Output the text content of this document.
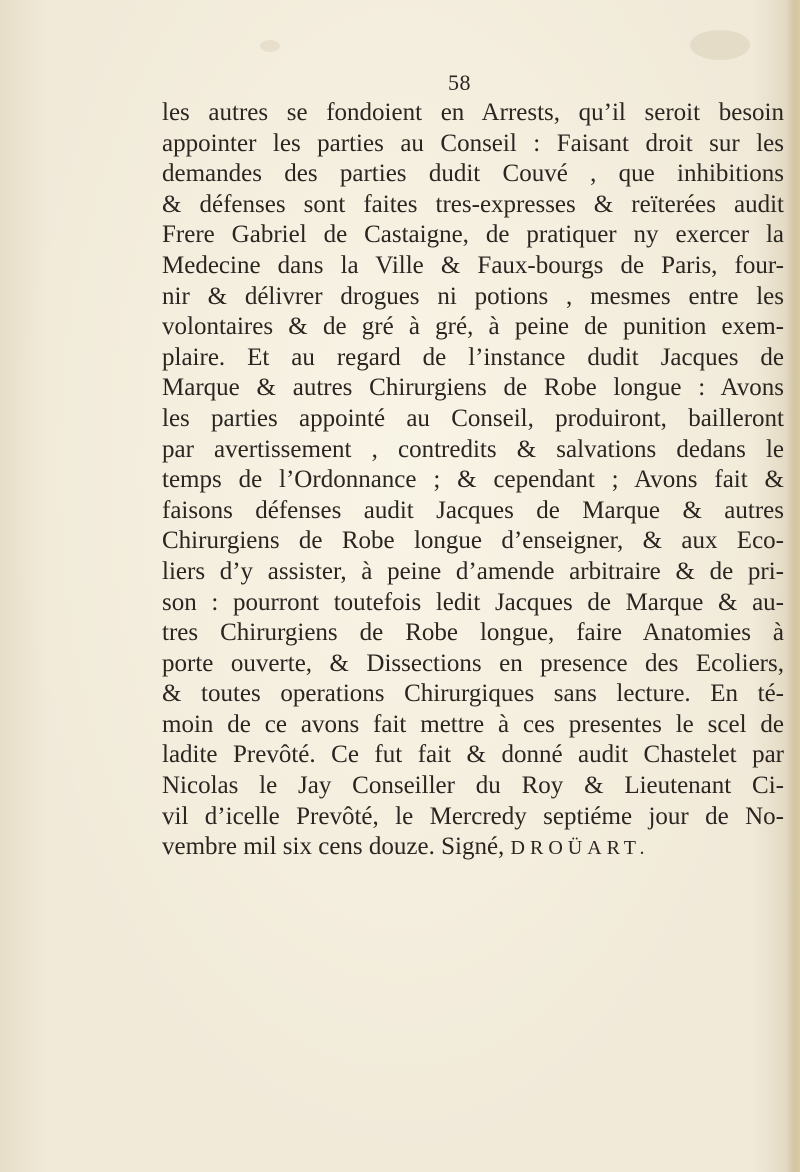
58
les autres se fondoient en Arrests, qu’il seroit besoin
appointer les parties au Conseil : Faisant droit sur les
demandes des parties dudit Couvé , que inhibitions
& défenses sont faites tres-expresses & reïterées audit
Frere Gabriel de Castaigne, de pratiquer ny exercer la
Medecine dans la Ville & Faux-bourgs de Paris, four-
nir & délivrer drogues ni potions , mesmes entre les
volontaires & de gré à gré, à peine de punition exem-
plaire. Et au regard de l’instance dudit Jacques de
Marque & autres Chirurgiens de Robe longue : Avons
les parties appointé au Conseil, produiront, bailleront
par avertissement , contredits & salvations dedans le
temps de l’Ordonnance ; & cependant ; Avons fait &
faisons défenses audit Jacques de Marque & autres
Chirurgiens de Robe longue d’enseigner, & aux Eco-
liers d’y assister, à peine d’amende arbitraire & de pri-
son : pourront toutefois ledit Jacques de Marque & au-
tres Chirurgiens de Robe longue, faire Anatomies à
porte ouverte, & Dissections en presence des Ecoliers,
& toutes operations Chirurgiques sans lecture. En té-
moin de ce avons fait mettre à ces presentes le scel de
ladite Prevôté. Ce fut fait & donné audit Chastelet par
Nicolas le Jay Conseiller du Roy & Lieutenant Ci-
vil d’icelle Prevôté, le Mercredy septiéme jour de No-
vembre mil six cens douze. Signé, DROÜART.
